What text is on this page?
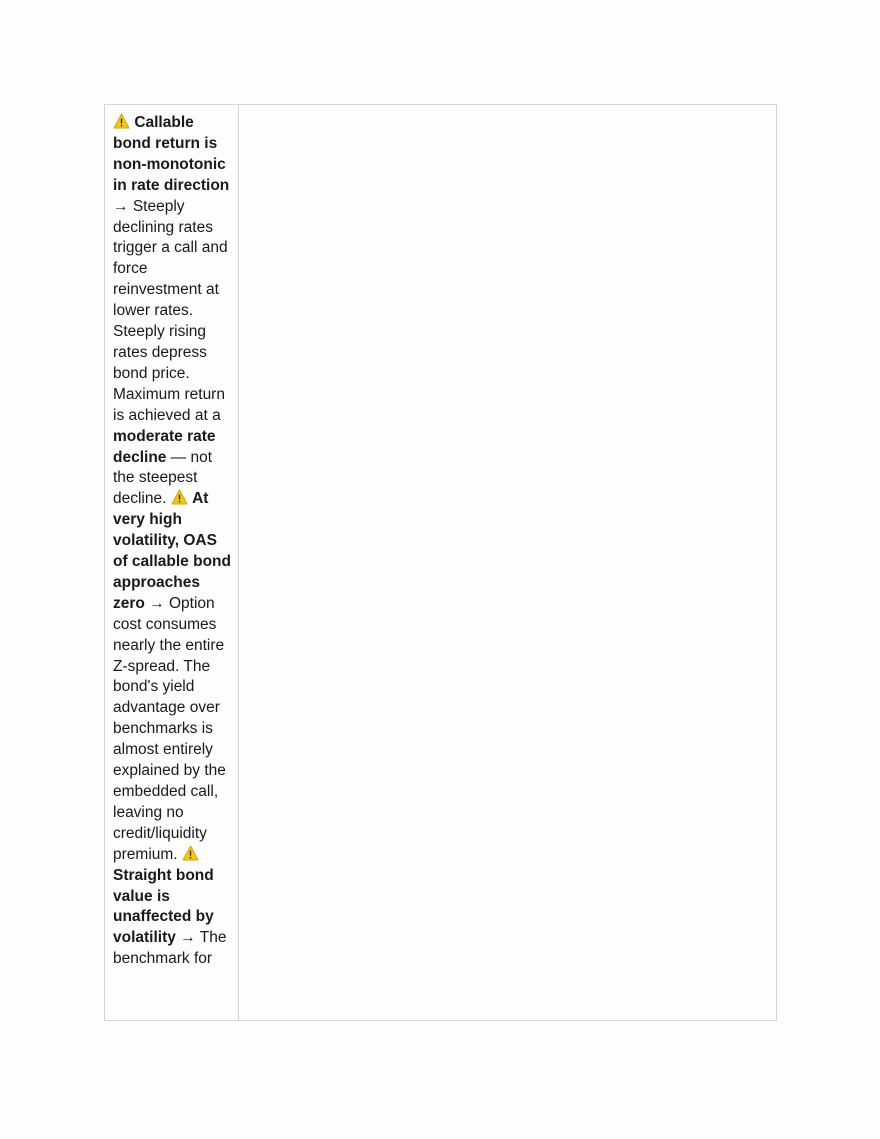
Callable bond return is non-monotonic in rate direction → Steeply declining rates trigger a call and force reinvestment at lower rates. Steeply rising rates depress bond price. Maximum return is achieved at a moderate rate decline — not the steepest decline. At very high volatility, OAS of callable bond approaches zero → Option cost consumes nearly the entire Z-spread. The bond's yield advantage over benchmarks is almost entirely explained by the embedded call, leaving no credit/liquidity premium.
Straight bond value is unaffected by volatility → The benchmark for
